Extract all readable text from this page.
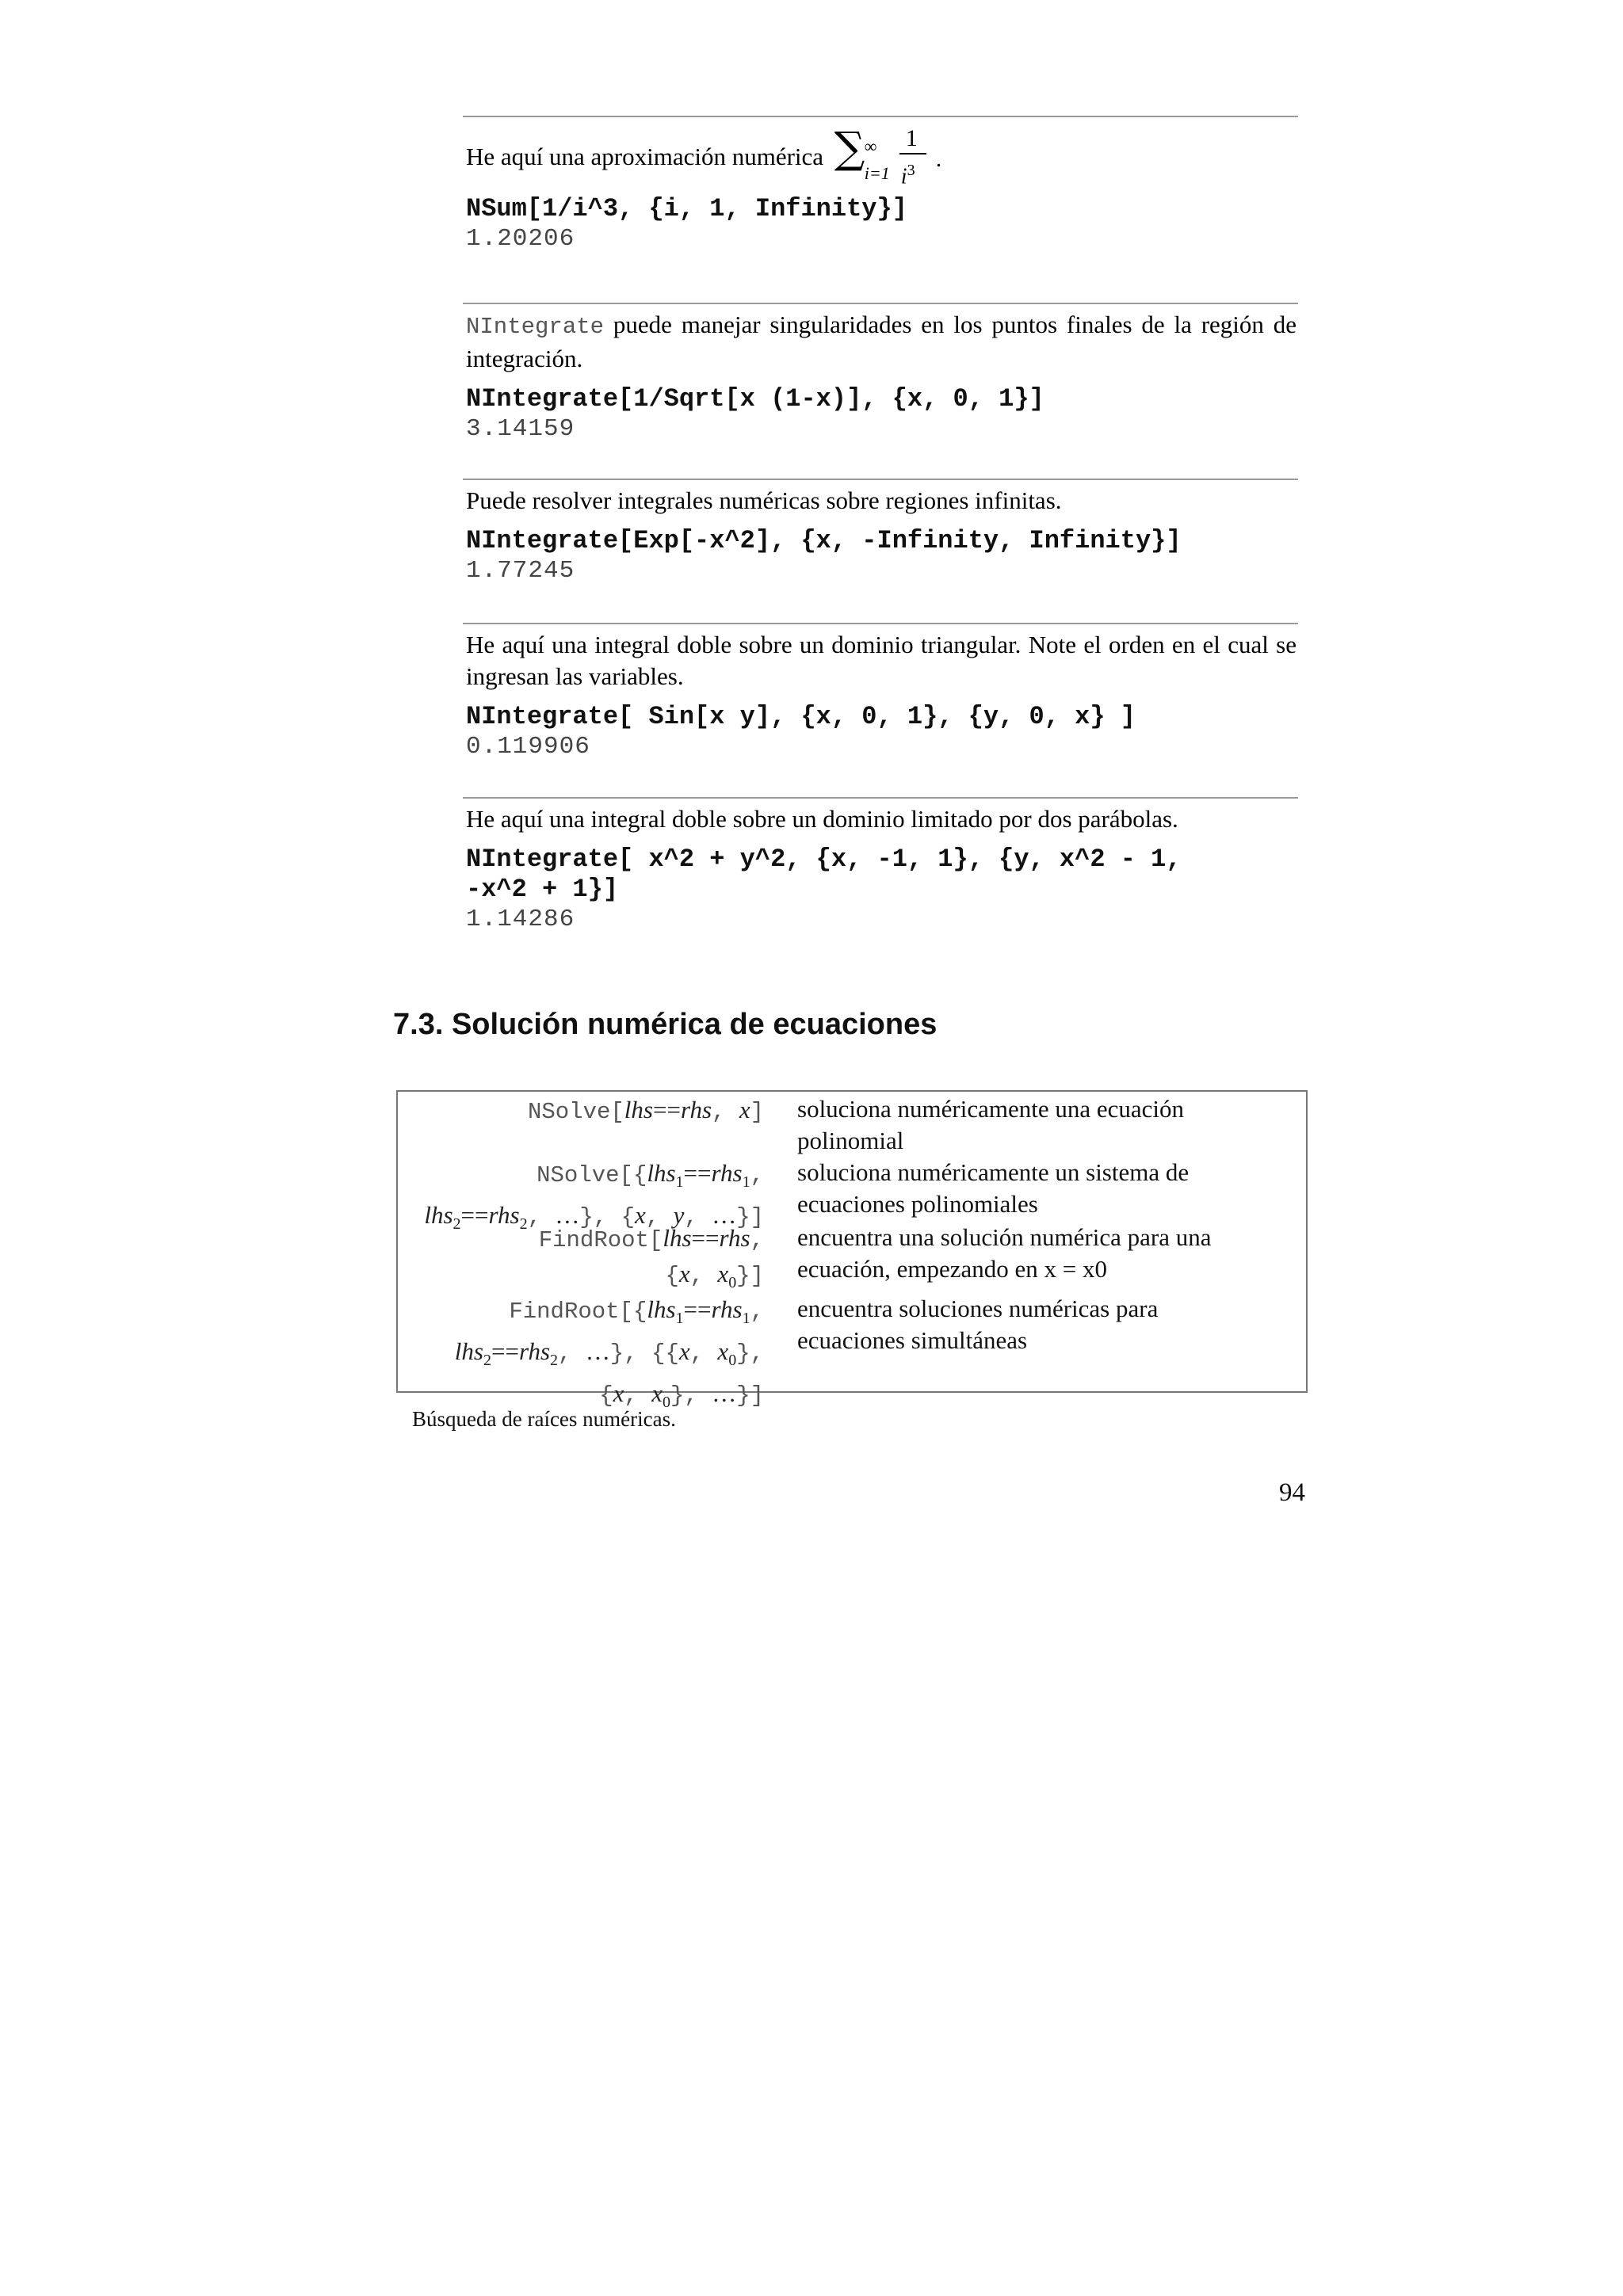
He aquí una aproximación numérica ∑ ∞
i=1
1
$i^3$ .
NSum[1/i^3, {i, 1, Infinity}]
1.20206
NIntegrate puede manejar singularidades en los puntos finales de la región de integración.
NIntegrate[1/Sqrt[x (1-x)], {x, 0, 1}]
3.14159
Puede resolver integrales numéricas sobre regiones infinitas.
NIntegrate[Exp[-x^2], {x, -Infinity, Infinity}]
1.77245
He aquí una integral doble sobre un dominio triangular. Note el orden en el cual se ingresan las variables.
NIntegrate[ Sin[x y], {x, 0, 1}, {y, 0, x} ]
0.119906
He aquí una integral doble sobre un dominio limitado por dos parábolas.
NIntegrate[ x^2 + y^2, {x, -1, 1}, {y, x^2 - 1,
-x^2 + 1}]
1.14286
7.3. Solución numérica de ecuaciones
NSolve[lhs==rhs, x] soluciona numéricamente una ecuación
polinomial
NSolve[{lhs$_1$==rhs$_1$,
lhs$_2$==rhs$_2$, …}, {x, y, …}]
soluciona numéricamente un sistema de
ecuaciones polinomiales
FindRoot[lhs==rhs,
{x, $x_0$}]
encuentra una solución numérica para una
ecuación, empezando en x = x0
FindRoot[{lhs$_1$==rhs$_1$,
lhs$_2$==rhs$_2$, …}, {{x, $x_0$},
{x, $x_0$}, …}]
encuentra soluciones numéricas para
ecuaciones simultáneas
Búsqueda de raíces numéricas.
94
